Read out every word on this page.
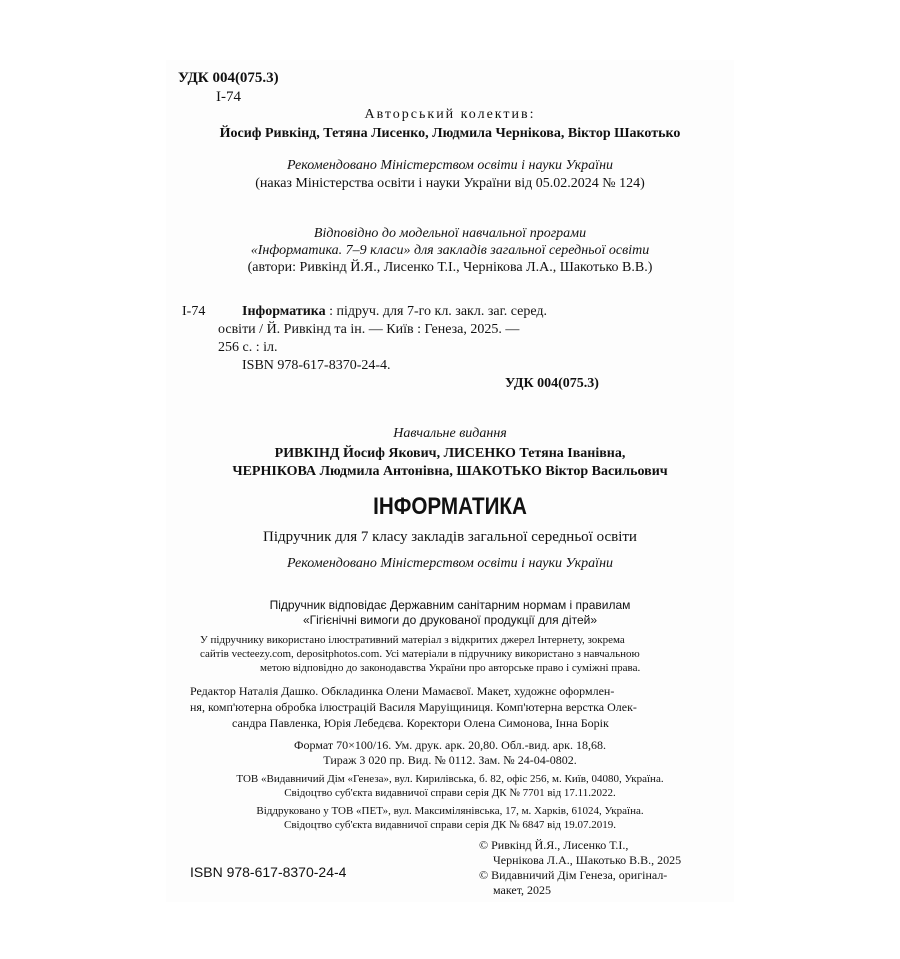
УДК 004(075.3)
І-74
Авторський колектив:
Йосиф Ривкінд, Тетяна Лисенко, Людмила Чернікова, Віктор Шакотько
Рекомендовано Міністерством освіти і науки України
(наказ Міністерства освіти і науки України від 05.02.2024 № 124)
Відповідно до модельної навчальної програми
«Інформатика. 7–9 класи» для закладів загальної середньої освіти
(автори: Ривкінд Й.Я., Лисенко Т.І., Чернікова Л.А., Шакотько В.В.)
І-74	Інформатика : підруч. для 7-го кл. закл. заг. серед.
освіти / Й. Ривкінд та ін. — Київ : Генеза, 2025. —
256 с. : іл.
ISBN 978-617-8370-24-4.
УДК 004(075.3)
Навчальне видання
РИВКІНД Йосиф Якович, ЛИСЕНКО Тетяна Іванівна,
ЧЕРНІКОВА Людмила Антонівна, ШАКОТЬКО Віктор Васильович
ІНФОРМАТИКА
Підручник для 7 класу закладів загальної середньої освіти
Рекомендовано Міністерством освіти і науки України
Підручник відповідає Державним санітарним нормам і правилам
«Гігієнічні вимоги до друкованої продукції для дітей»
У підручнику використано ілюстративний матеріал з відкритих джерел Інтернету, зокрема
сайтів vecteezy.com, depositphotos.com. Усі матеріали в підручнику використано з навчальною
метою відповідно до законодавства України про авторське право і суміжні права.
Редактор Наталія Дашко. Обкладинка Олени Мамаєвої. Макет, художнє оформлен-
ня, комп'ютерна обробка ілюстрацій Василя Маруіщиниця. Комп'ютерна верстка Олек-
сандра Павленка, Юрія Лебедєва. Коректори Олена Симонова, Інна Борік
Формат 70×100/16. Ум. друк. арк. 20,80. Обл.-вид. арк. 18,68.
Тираж 3 020 пр. Вид. № 0112. Зам. № 24-04-0802.
ТОВ «Видавничий Дім «Генеза», вул. Кирилівська, б. 82, офіс 256, м. Київ, 04080, Україна.
Свідоцтво суб'єкта видавничої справи серія ДК № 7701 від 17.11.2022.
Віддруковано у ТОВ «ПЕТ», вул. Максимілянівська, 17, м. Харків, 61024, Україна.
Свідоцтво суб'єкта видавничої справи серія ДК № 6847 від 19.07.2019.
© Ривкінд Й.Я., Лисенко Т.І.,
Чернікова Л.А., Шакотько В.В., 2025
© Видавничий Дім Генеза, оригінал-
макет, 2025
ISBN 978-617-8370-24-4
